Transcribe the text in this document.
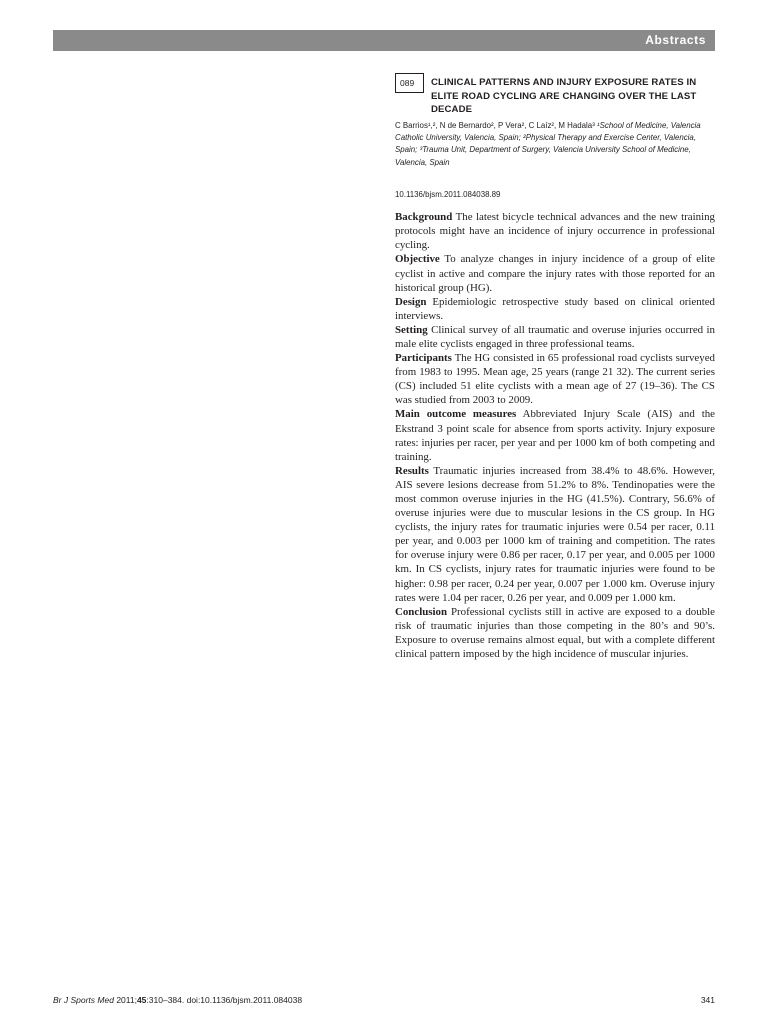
Abstracts
089	CLINICAL PATTERNS AND INJURY EXPOSURE RATES IN ELITE ROAD CYCLING ARE CHANGING OVER THE LAST DECADE
C Barrios¹,², N de Bernardo², P Vera², C Laíz², M Hadala³ ¹School of Medicine, Valencia Catholic University, Valencia, Spain; ²Physical Therapy and Exercise Center, Valencia, Spain; ³Trauma Unit, Department of Surgery, Valencia University School of Medicine, Valencia, Spain
10.1136/bjsm.2011.084038.89
Background The latest bicycle technical advances and the new training protocols might have an incidence of injury occurrence in professional cycling.
Objective To analyze changes in injury incidence of a group of elite cyclist in active and compare the injury rates with those reported for an historical group (HG).
Design Epidemiologic retrospective study based on clinical oriented interviews.
Setting Clinical survey of all traumatic and overuse injuries occurred in male elite cyclists engaged in three professional teams.
Participants The HG consisted in 65 professional road cyclists surveyed from 1983 to 1995. Mean age, 25 years (range 21 32). The current series (CS) included 51 elite cyclists with a mean age of 27 (19–36). The CS was studied from 2003 to 2009.
Main outcome measures Abbreviated Injury Scale (AIS) and the Ekstrand 3 point scale for absence from sports activity. Injury exposure rates: injuries per racer, per year and per 1000 km of both competing and training.
Results Traumatic injuries increased from 38.4% to 48.6%. However, AIS severe lesions decrease from 51.2% to 8%. Tendinopaties were the most common overuse injuries in the HG (41.5%). Contrary, 56.6% of overuse injuries were due to muscular lesions in the CS group. In HG cyclists, the injury rates for traumatic injuries were 0.54 per racer, 0.11 per year, and 0.003 per 1000 km of training and competition. The rates for overuse injury were 0.86 per racer, 0.17 per year, and 0.005 per 1000 km. In CS cyclists, injury rates for traumatic injuries were found to be higher: 0.98 per racer, 0.24 per year, 0.007 per 1.000 km. Overuse injury rates were 1.04 per racer, 0.26 per year, and 0.009 per 1.000 km.
Conclusion Professional cyclists still in active are exposed to a double risk of traumatic injuries than those competing in the 80’s and 90’s. Exposure to overuse remains almost equal, but with a complete different clinical pattern imposed by the high incidence of muscular injuries.
Br J Sports Med 2011;45:310–384. doi:10.1136/bjsm.2011.084038	341
